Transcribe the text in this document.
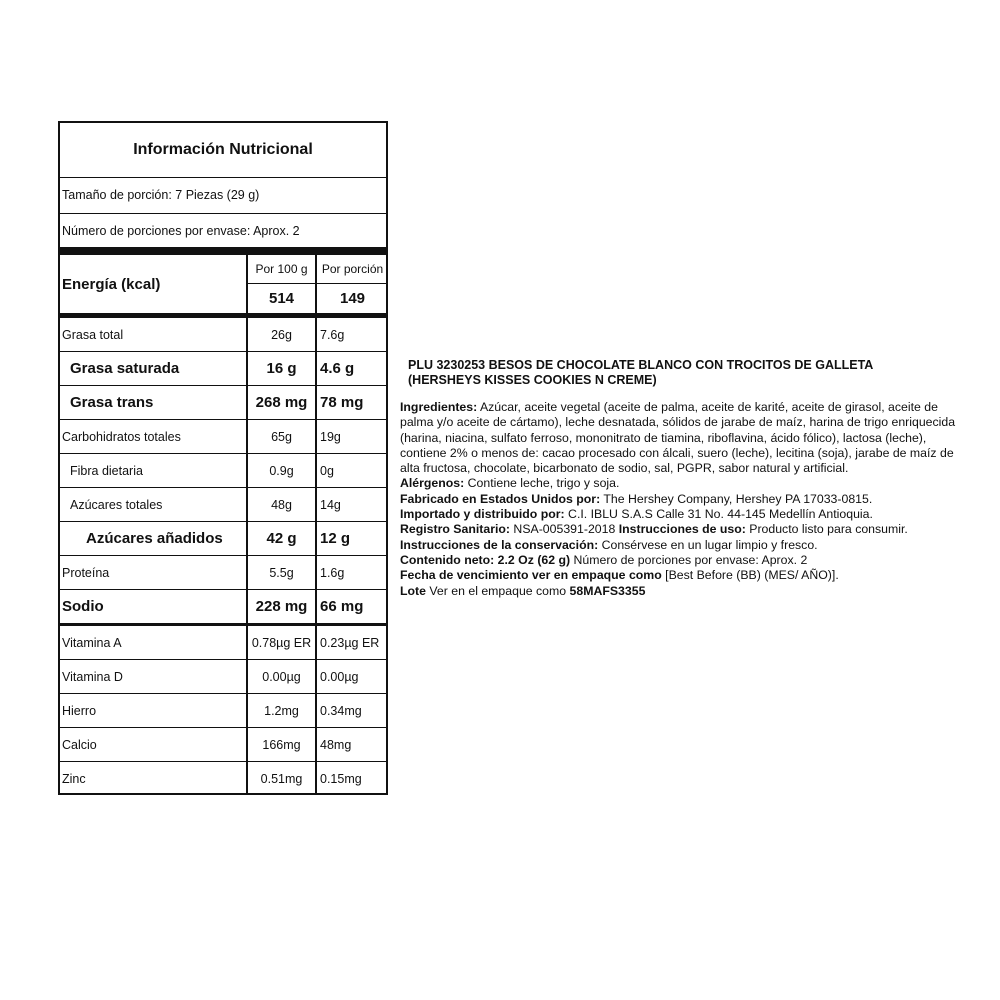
Información Nutricional
Tamaño de porción: 7 Piezas (29 g)
Número de porciones por envase: Aprox. 2
Energía (kcal)
Por 100 g	Por porción
514	149
Grasa total	26g	7.6g
Grasa saturada	16 g	4.6 g
Grasa trans	268 mg 78 mg
Carbohidratos totales	65g	19g
Fibra dietaria	0.9g	0g
Azúcares totales	48g	14g
Azúcares añadidos	42 g	12 g
Proteína	5.5g	1.6g
Sodio	228 mg 66 mg
Vitamina A	0.78µg ER 0.23µg ER
Vitamina D	0.00µg	0.00µg
Hierro	1.2mg	0.34mg
Calcio	166mg	48mg
Zinc	0.51mg	0.15mg
PLU 3230253 BESOS DE CHOCOLATE BLANCO CON TROCITOS DE GALLETA
(HERSHEYS KISSES COOKIES N CREME)

Ingredientes: Azúcar, aceite vegetal (aceite de palma, aceite de karité, aceite de girasol, aceite de palma y/o aceite de cártamo), leche desnatada, sólidos de jarabe de maíz, harina de trigo enriquecida (harina, niacina, sulfato ferroso, mononitrato de tiamina, riboflavina, ácido fólico), lactosa (leche), contiene 2% o menos de: cacao procesado con álcali, suero (leche), lecitina (soja), jarabe de maíz de alta fructosa, chocolate, bicarbonato de sodio, sal, PGPR, sabor natural y artificial.

Alérgenos: Contiene leche, trigo y soja.

Fabricado en Estados Unidos por: The Hershey Company, Hershey PA 17033-0815.

Importado y distribuido por: C.I. IBLU S.A.S Calle 31 No. 44-145 Medellín Antioquia.

Registro Sanitario: NSA-005391-2018 Instrucciones de uso: Producto listo para consumir. Instrucciones de la conservación: Consérvese en un lugar limpio y fresco.

Contenido neto: 2.2 Oz (62 g) Número de porciones por envase: Aprox. 2

Fecha de vencimiento ver en empaque como [Best Before (BB) (MES/ AÑO)].

Lote Ver en el empaque como 58MAFS3355
